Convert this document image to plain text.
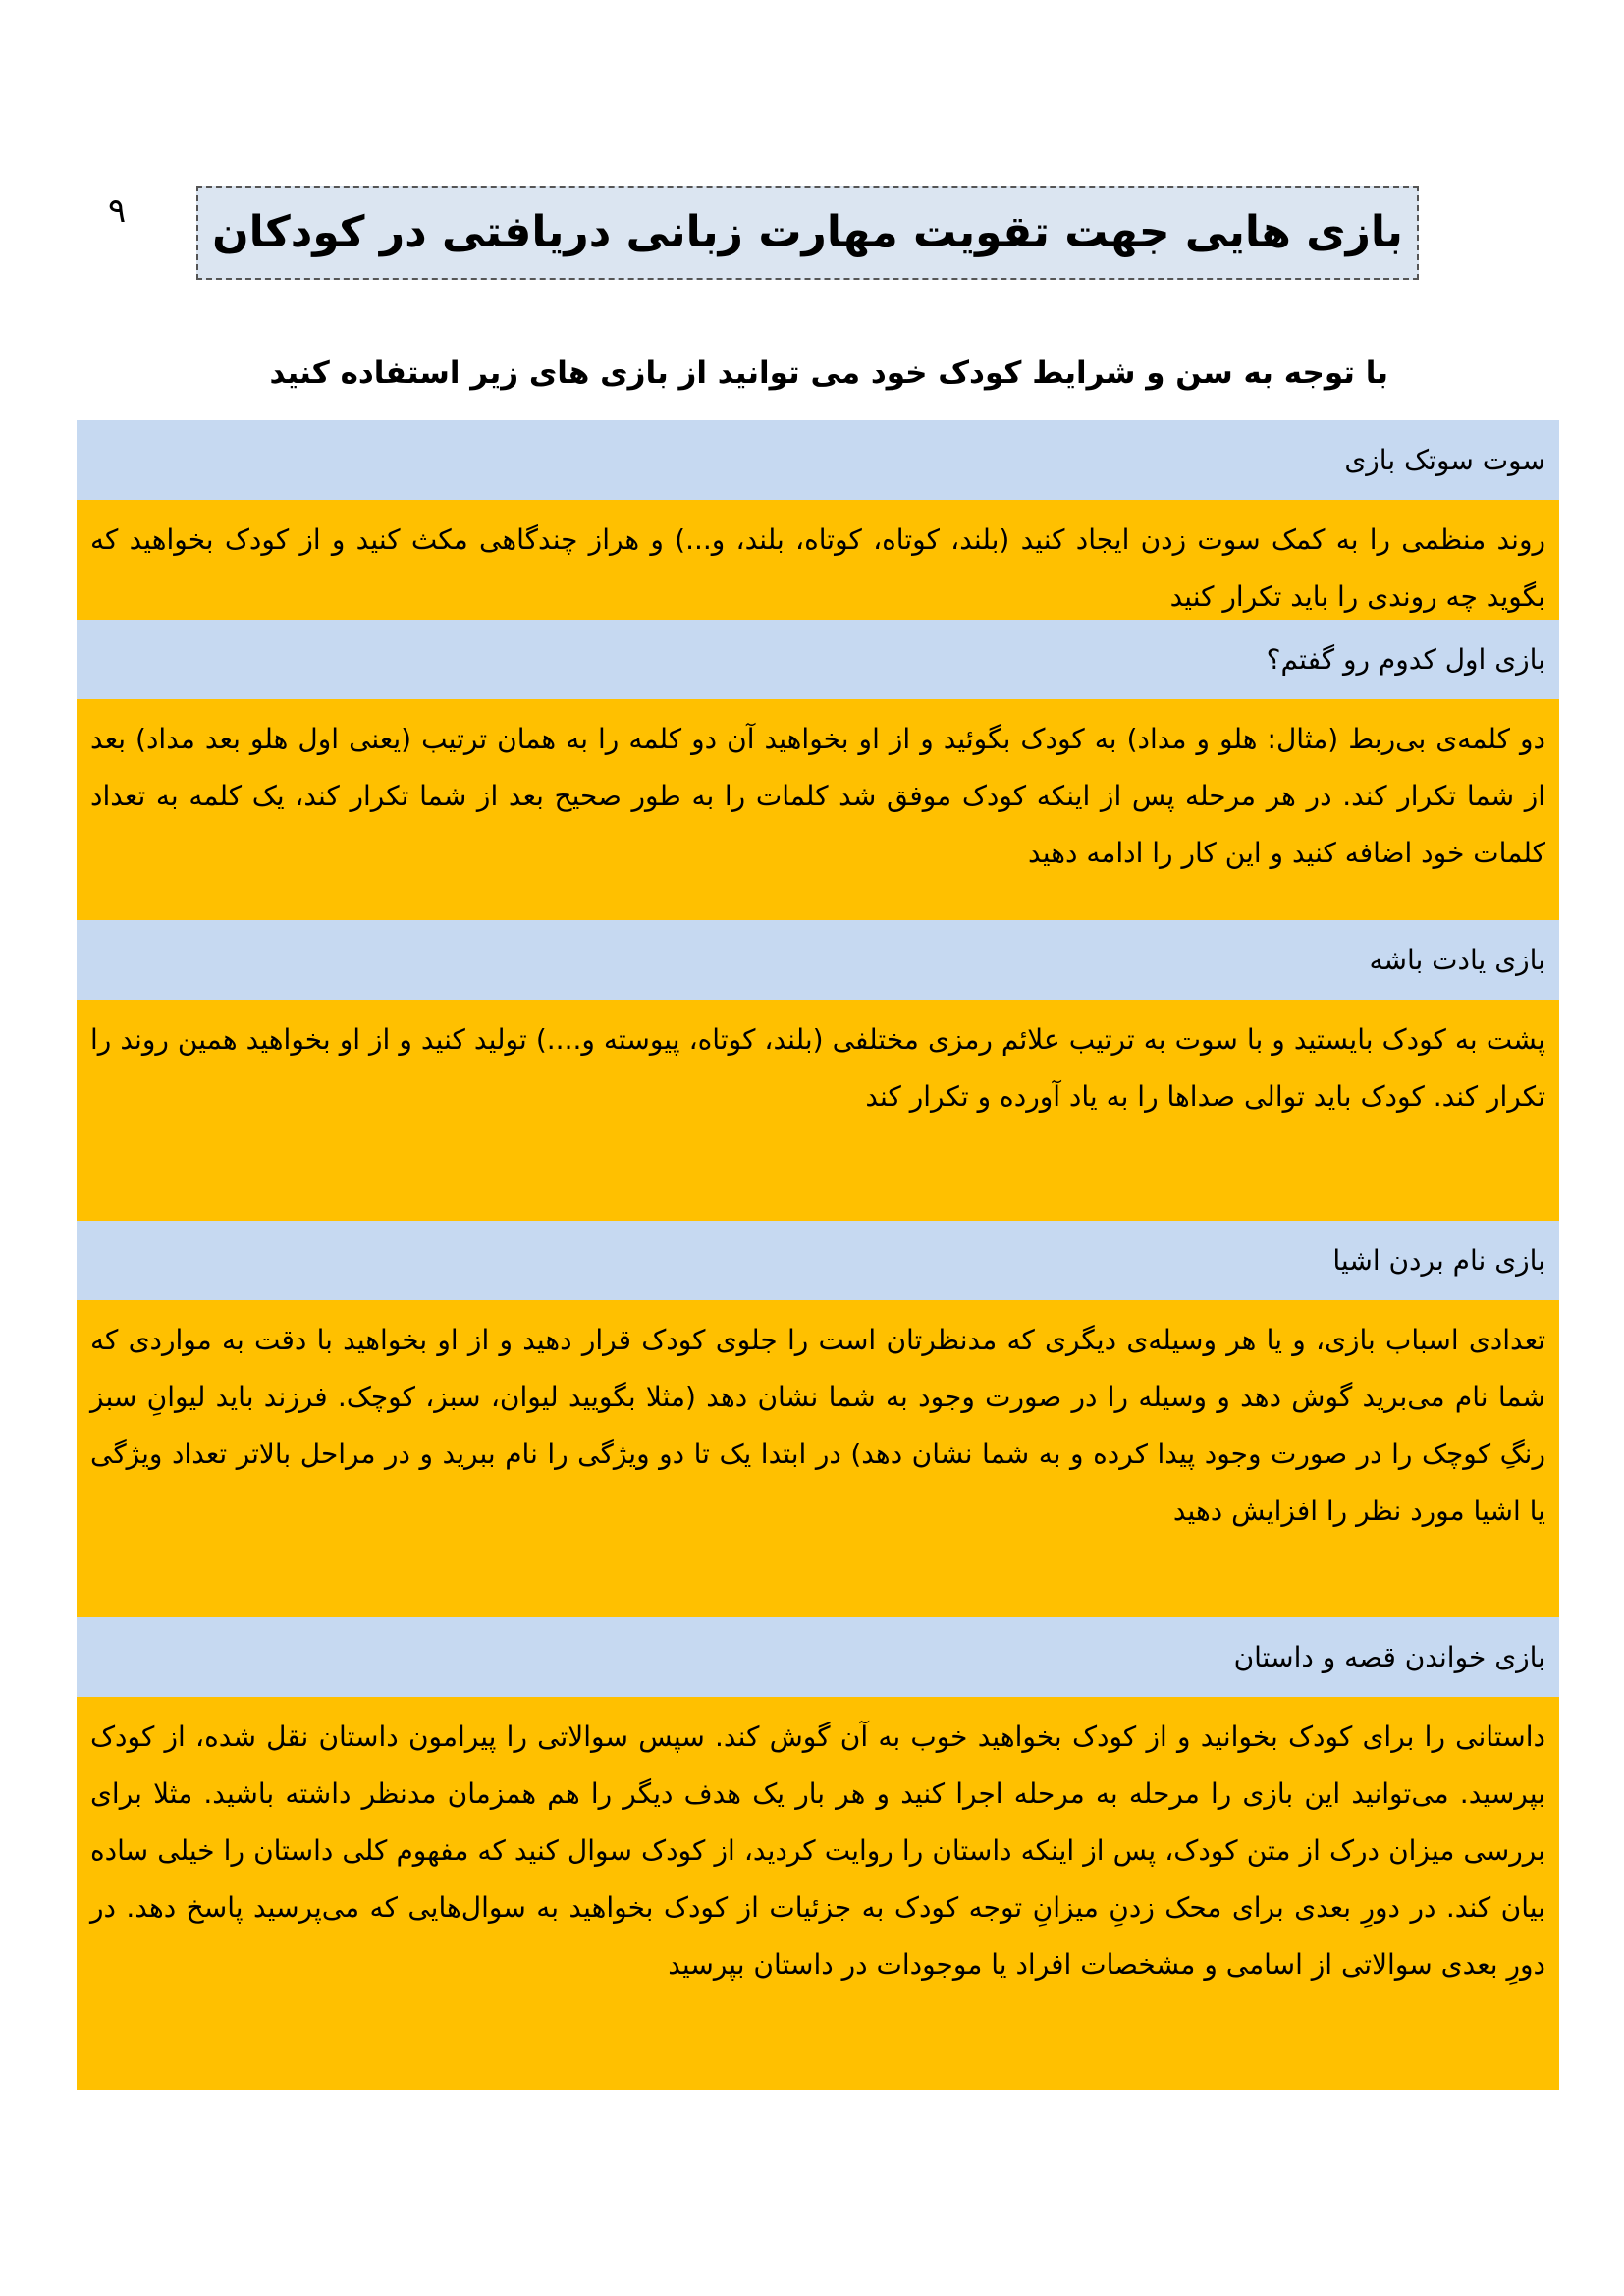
۹ بازی هایی جهت تقویت مهارت زبانی دریافتی در کودکان
با توجه به سن و شرایط کودک خود می توانید از بازی های زیر استفاده کنید
سوت سوتک بازی

روند منظمی را به کمک سوت زدن ایجاد کنید (بلند، کوتاه، کوتاه، بلند، و...) و هراز چندگاهی مکث کنید و از کودک بخواهید که بگوید چه روندی را باید تکرار کنید

بازی اول کدوم رو گفتم؟

دو کلمه‌ی بی‌ربط (مثال: هلو و مداد) به کودک بگوئید و از او بخواهید آن دو کلمه را به همان ترتیب (یعنی اول هلو بعد مداد) بعد از شما تکرار کند. در هر مرحله پس از اینکه کودک موفق شد کلمات را به طور صحیح بعد از شما تکرار کند، یک کلمه به تعداد کلمات خود اضافه کنید و این کار را ادامه دهید

بازی یادت باشه

پشت به کودک بایستید و با سوت به ترتیب علائم رمزی مختلفی (بلند، کوتاه، پیوسته و....) تولید کنید و از او بخواهید همین روند را تکرار کند. کودک باید توالی صداها را به یاد آورده و تکرار کند

بازی نام بردن اشیا

تعدادی اسباب بازی، و یا هر وسیله‌ی دیگری که مدنظرتان است را جلوی کودک قرار دهید و از او بخواهید با دقت به مواردی که شما نام می‌برید گوش دهد و وسیله را در صورت وجود به شما نشان دهد (مثلا بگویید لیوان، سبز، کوچک. فرزند باید لیوانِ سبز رنگِ کوچک را در صورت وجود پیدا کرده و به شما نشان دهد) در ابتدا یک تا دو ویژگی را نام ببرید و در مراحل بالاتر تعداد ویژگی یا اشیا مورد نظر را افزایش دهید

بازی خواندن قصه و داستان

داستانی را برای کودک بخوانید و از کودک بخواهید خوب به آن گوش کند. سپس سوالاتی را پیرامون داستان نقل شده، از کودک بپرسید. می‌توانید این بازی را مرحله به مرحله اجرا کنید و هر بار یک هدف دیگر را هم همزمان مدنظر داشته باشید. مثلا برای بررسی میزان درک از متن کودک، پس از اینکه داستان را روایت کردید، از کودک سوال کنید که مفهوم کلی داستان را خیلی ساده بیان کند. در دورِ بعدی برای محک زدنِ میزانِ توجه کودک به جزئیات از کودک بخواهید به سوال‌هایی که می‌پرسید پاسخ دهد. در دورِ بعدی سوالاتی از اسامی و مشخصات افراد یا موجودات در داستان بپرسید
